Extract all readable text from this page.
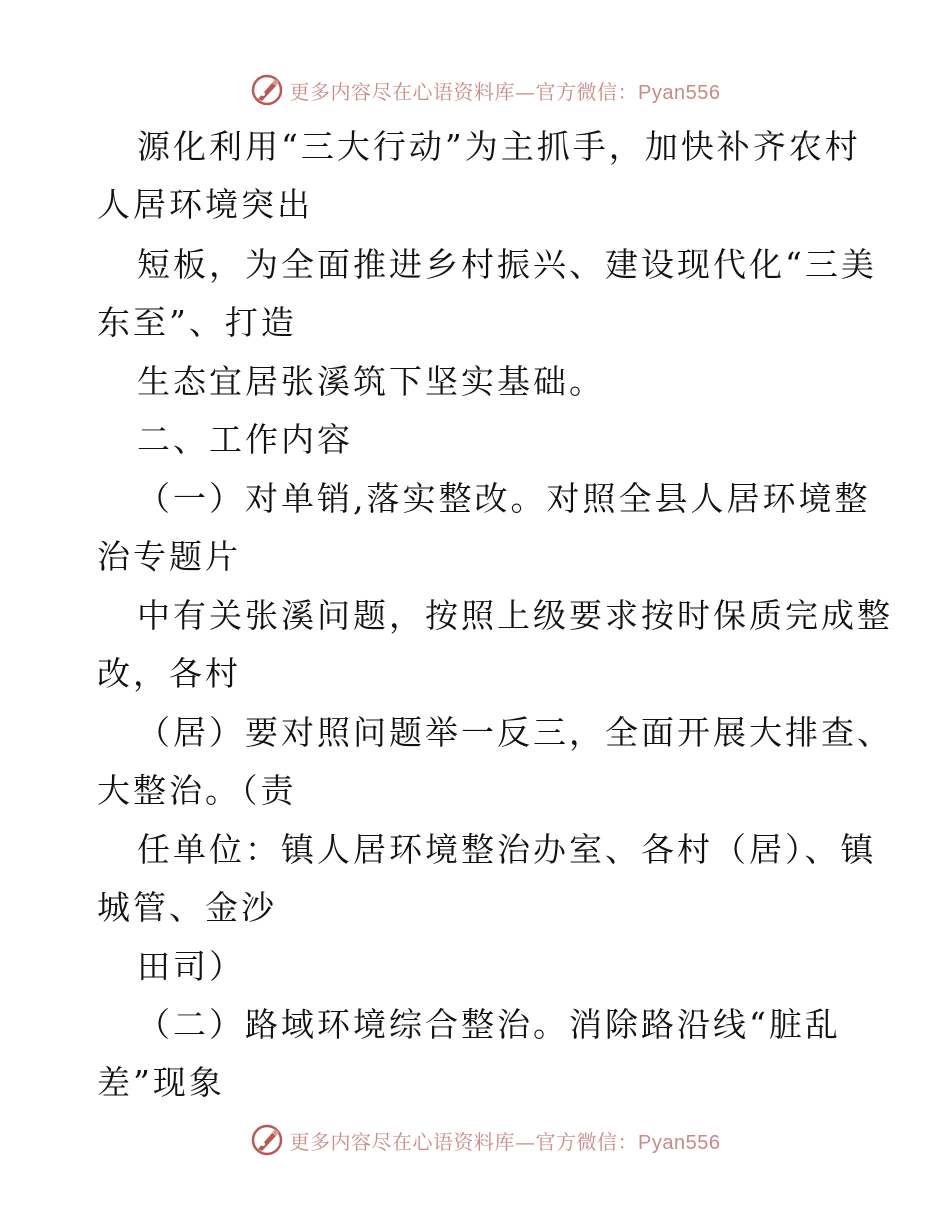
更多内容尽在心语资料库—官方微信：Pyan556
源化利用“三大行动”为主抓手，加快补齐农村
人居环境突出
短板，为全面推进乡村振兴、建设现代化“三美
东至”、打造
生态宜居张溪筑下坚实基础。
二、工作内容
（一）对单销,落实整改。对照全县人居环境整
治专题片
中有关张溪问题，按照上级要求按时保质完成整
改，各村
（居）要对照问题举一反三，全面开展大排查、
大整治。（责
任单位：镇人居环境整治办室、各村（居）、镇
城管、金沙
田司）
（二）路域环境综合整治。消除路沿线“脏乱
差”现象
更多内容尽在心语资料库—官方微信：Pyan556
